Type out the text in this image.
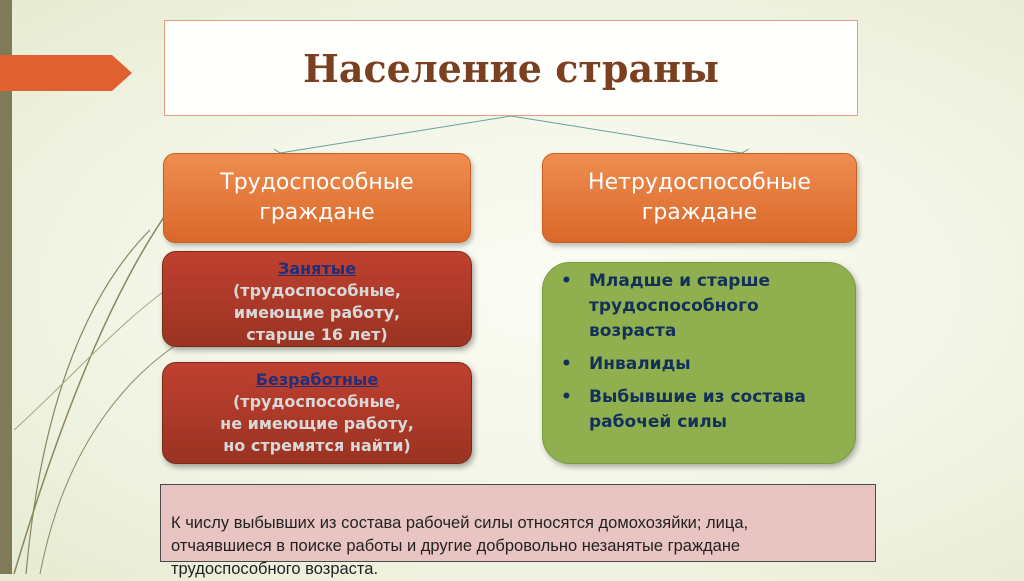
Население страны
Трудоспособные
граждане
Нетрудоспособные
граждане
Занятые
(трудоспособные,
имеющие работу,
старше 16 лет)
Безработные
(трудоспособные,
не имеющие работу,
но стремятся найти)
• Младше и старше
трудоспособного
возраста
• Инвалиды
• Выбывшие из состава
рабочей силы

К числу выбывших из состава рабочей силы относятся домохозяйки; лица,
отчаявшиеся в поиске работы и другие добровольно незанятые граждане
трудоспособного возраста.
